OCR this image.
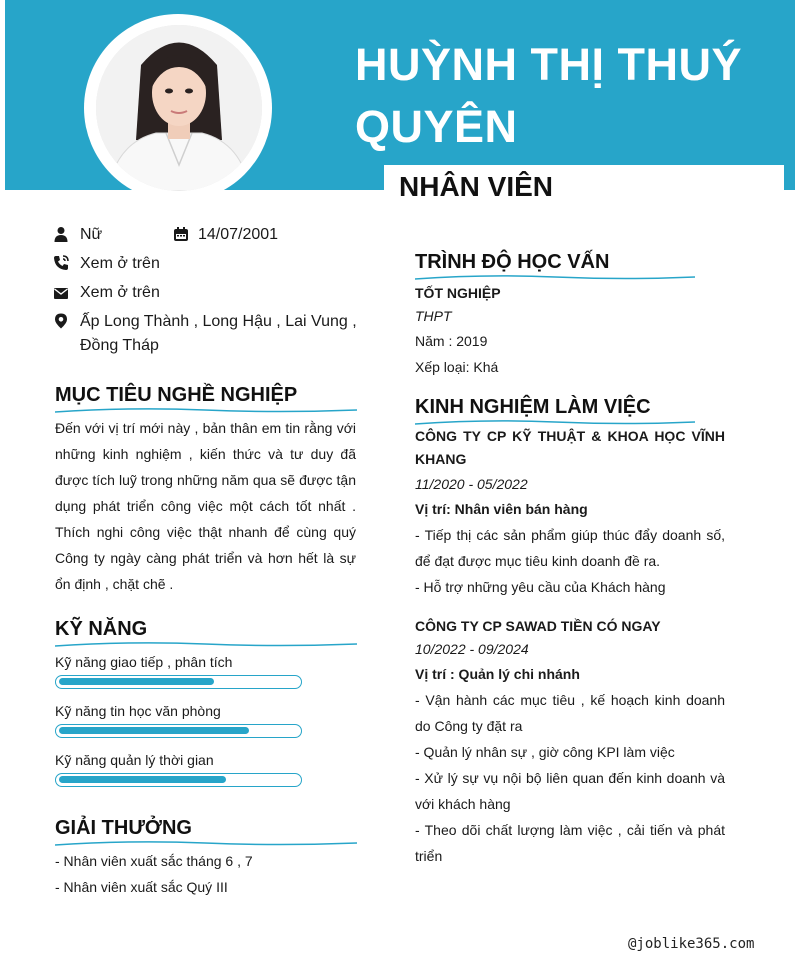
HUỲNH THỊ THUÝ QUYÊN
NHÂN VIÊN
Nữ	14/07/2001
Xem ở trên
Xem ở trên
Ấp Long Thành , Long Hậu , Lai Vung , Đồng Tháp
MỤC TIÊU NGHỀ NGHIỆP
Đến với vị trí mới này , bản thân em tin rằng với những kinh nghiệm , kiến thức và tư duy đã được tích luỹ trong những năm qua sẽ được tận dụng phát triển công việc một cách tốt nhất . Thích nghi công việc thật nhanh để cùng quý Công ty ngày càng phát triển và hơn hết là sự ổn định , chặt chẽ .
KỸ NĂNG
Kỹ năng giao tiếp , phân tích
Kỹ năng tin học văn phòng
Kỹ năng quản lý thời gian
GIẢI THƯỞNG
- Nhân viên xuất sắc tháng 6 , 7
- Nhân viên xuất sắc Quý III
TRÌNH ĐỘ HỌC VẤN
TỐT NGHIỆP
THPT
Năm : 2019
Xếp loại: Khá
KINH NGHIỆM LÀM VIỆC
CÔNG TY CP KỸ THUẬT & KHOA HỌC VĨNH KHANG
11/2020 - 05/2022
Vị trí: Nhân viên bán hàng
- Tiếp thị các sản phẩm giúp thúc đẩy doanh số, để đạt được mục tiêu kinh doanh đề ra.
- Hỗ trợ những yêu cầu của Khách hàng
CÔNG TY CP SAWAD TIỀN CÓ NGAY
10/2022 - 09/2024
Vị trí : Quản lý chi nhánh
- Vận hành các mục tiêu , kế hoạch kinh doanh do Công ty đặt ra
- Quản lý nhân sự , giờ công KPI làm việc
- Xử lý sự vụ nội bộ liên quan đến kinh doanh và với khách hàng
- Theo dõi chất lượng làm việc , cải tiến và phát triển
@joblike365.com
